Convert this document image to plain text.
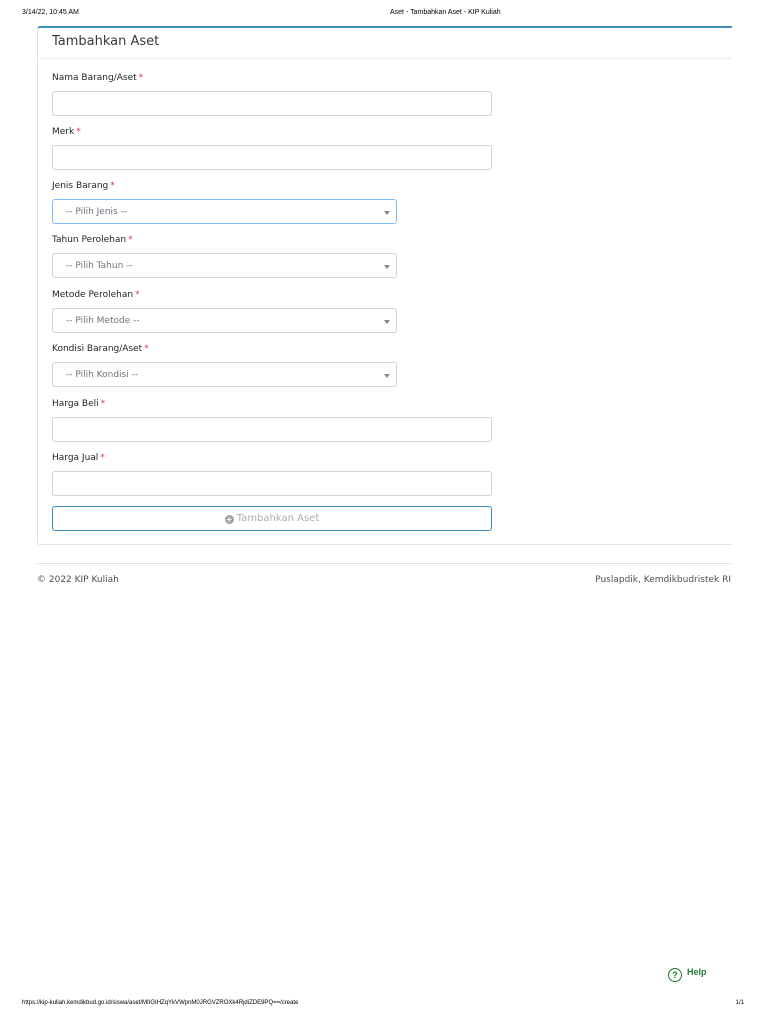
3/14/22, 10:45 AM	Aset - Tambahkan Aset - KIP Kuliah
Tambahkan Aset
Nama Barang/Aset *
Merk *
Jenis Barang *
-- Pilih Jenis --
Tahun Perolehan *
-- Pilih Tahun --
Metode Perolehan *
-- Pilih Metode --
Kondisi Barang/Aset *
-- Pilih Kondisi --
Harga Beli *
Harga Jual *
+ Tambahkan Aset
© 2022 KIP Kuliah	Puslapdik, Kemdikbudristek RI
? Help
https://kip-kuliah.kemdikbud.go.id/siswa/aset/MIIGIHZqYkVWpnM0JRGVZROXk4RjdiZDE9PQ==/create	1/1
